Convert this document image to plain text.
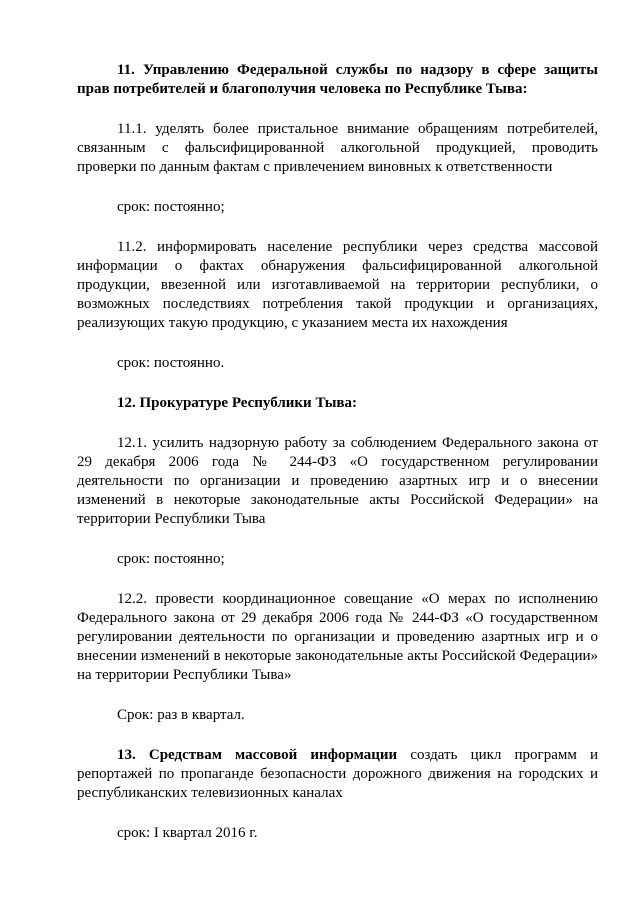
11. Управлению Федеральной службы по надзору в сфере защиты прав потребителей и благополучия человека по Республике Тыва:

11.1. уделять более пристальное внимание обращениям потребителей, связанным с фальсифицированной алкогольной продукцией, проводить проверки по данным фактам с привлечением виновных к ответственности

срок: постоянно;

11.2. информировать население республики через средства массовой информации о фактах обнаружения фальсифицированной алкогольной продукции, ввезенной или изготавливаемой на территории республики, о возможных последствиях потребления такой продукции и организациях, реализующих такую продукцию, с указанием места их нахождения

срок: постоянно.

12. Прокуратуре Республики Тыва:

12.1. усилить надзорную работу за соблюдением Федерального закона от 29 декабря 2006 года № 244-ФЗ «О государственном регулировании деятельности по организации и проведению азартных игр и о внесении изменений в некоторые законодательные акты Российской Федерации» на территории Республики Тыва

срок: постоянно;

12.2. провести координационное совещание «О мерах по исполнению Федерального закона от 29 декабря 2006 года № 244-ФЗ «О государственном регулировании деятельности по организации и проведению азартных игр и о внесении изменений в некоторые законодательные акты Российской Федерации» на территории Республики Тыва»

Срок: раз в квартал.

13. Средствам массовой информации создать цикл программ и репортажей по пропаганде безопасности дорожного движения на городских и республиканских телевизионных каналах

срок: I квартал 2016 г.
